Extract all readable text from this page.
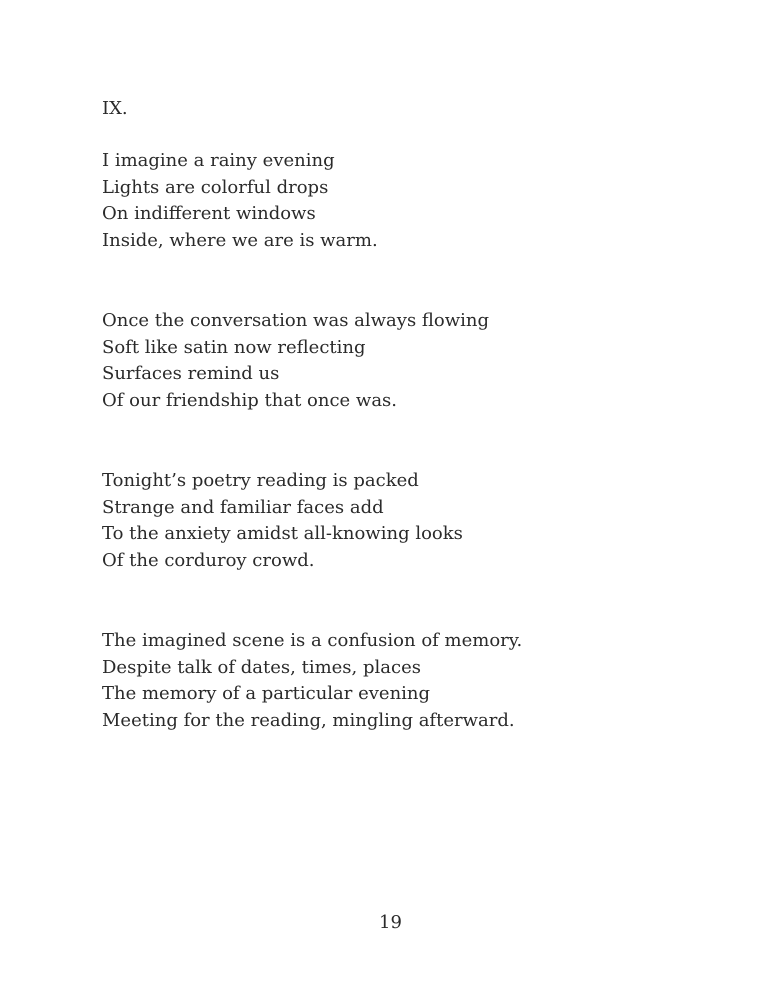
IX.
I imagine a rainy evening
Lights are colorful drops
On indifferent windows
Inside, where we are is warm.
Once the conversation was always flowing
Soft like satin now reflecting
Surfaces remind us
Of our friendship that once was.
Tonight’s poetry reading is packed
Strange and familiar faces add
To the anxiety amidst all-knowing looks
Of the corduroy crowd.
The imagined scene is a confusion of memory.
Despite talk of dates, times, places
The memory of a particular evening
Meeting for the reading, mingling afterward.
19
